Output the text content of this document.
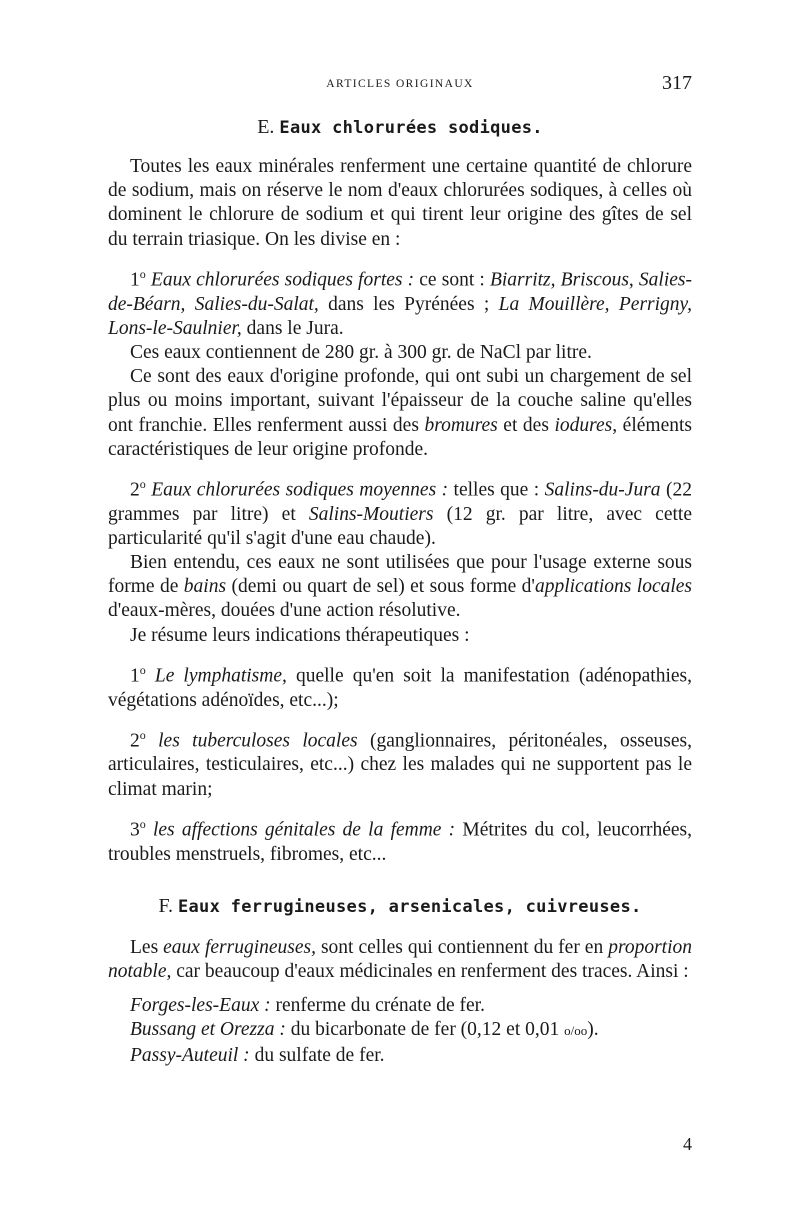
ARTICLES ORIGINAUX	317
E. Eaux chlorurées sodiques.

Toutes les eaux minérales renferment une certaine quantité de chlorure de sodium, mais on réserve le nom d'eaux chlorurées sodiques, à celles où dominent le chlorure de sodium et qui tirent leur origine des gîtes de sel du terrain triasique. On les divise en :

1$^o$ Eaux chlorurées sodiques fortes : ce sont : Biarritz, Briscous, Salies-de-Béarn, Salies-du-Salat, dans les Pyrénées ; La Mouillère, Perrigny, Lons-le-Saulnier, dans le Jura.

Ces eaux contiennent de 280 gr. à 300 gr. de NaCl par litre.

Ce sont des eaux d'origine profonde, qui ont subi un chargement de sel plus ou moins important, suivant l'épaisseur de la couche saline qu'elles ont franchie. Elles renferment aussi des bromures et des iodures, éléments caractéristiques de leur origine profonde.

2$^o$ Eaux chlorurées sodiques moyennes : telles que : Salins-du-Jura (22 grammes par litre) et Salins-Moutiers (12 gr. par litre, avec cette particularité qu'il s'agit d'une eau chaude).

Bien entendu, ces eaux ne sont utilisées que pour l'usage externe sous forme de bains (demi ou quart de sel) et sous forme d'applications locales d'eaux-mères, douées d'une action résolutive.

Je résume leurs indications thérapeutiques :

1$^o$ Le lymphatisme, quelle qu'en soit la manifestation (adénopathies, végétations adénoïdes, etc...);

2$^o$ les tuberculoses locales (ganglionnaires, péritonéales, osseuses, articulaires, testiculaires, etc...) chez les malades qui ne supportent pas le climat marin;

3$^o$ les affections génitales de la femme : Métrites du col, leucorrhées, troubles menstruels, fibromes, etc...

F. Eaux ferrugineuses, arsenicales, cuivreuses.

Les eaux ferrugineuses, sont celles qui contiennent du fer en proportion notable, car beaucoup d'eaux médicinales en renferment des traces. Ainsi :

Forges-les-Eaux : renferme du crénate de fer.
Bussang et Orezza : du bicarbonate de fer (0,12 et 0,01 o/oo).
Passy-Auteuil : du sulfate de fer.
4
